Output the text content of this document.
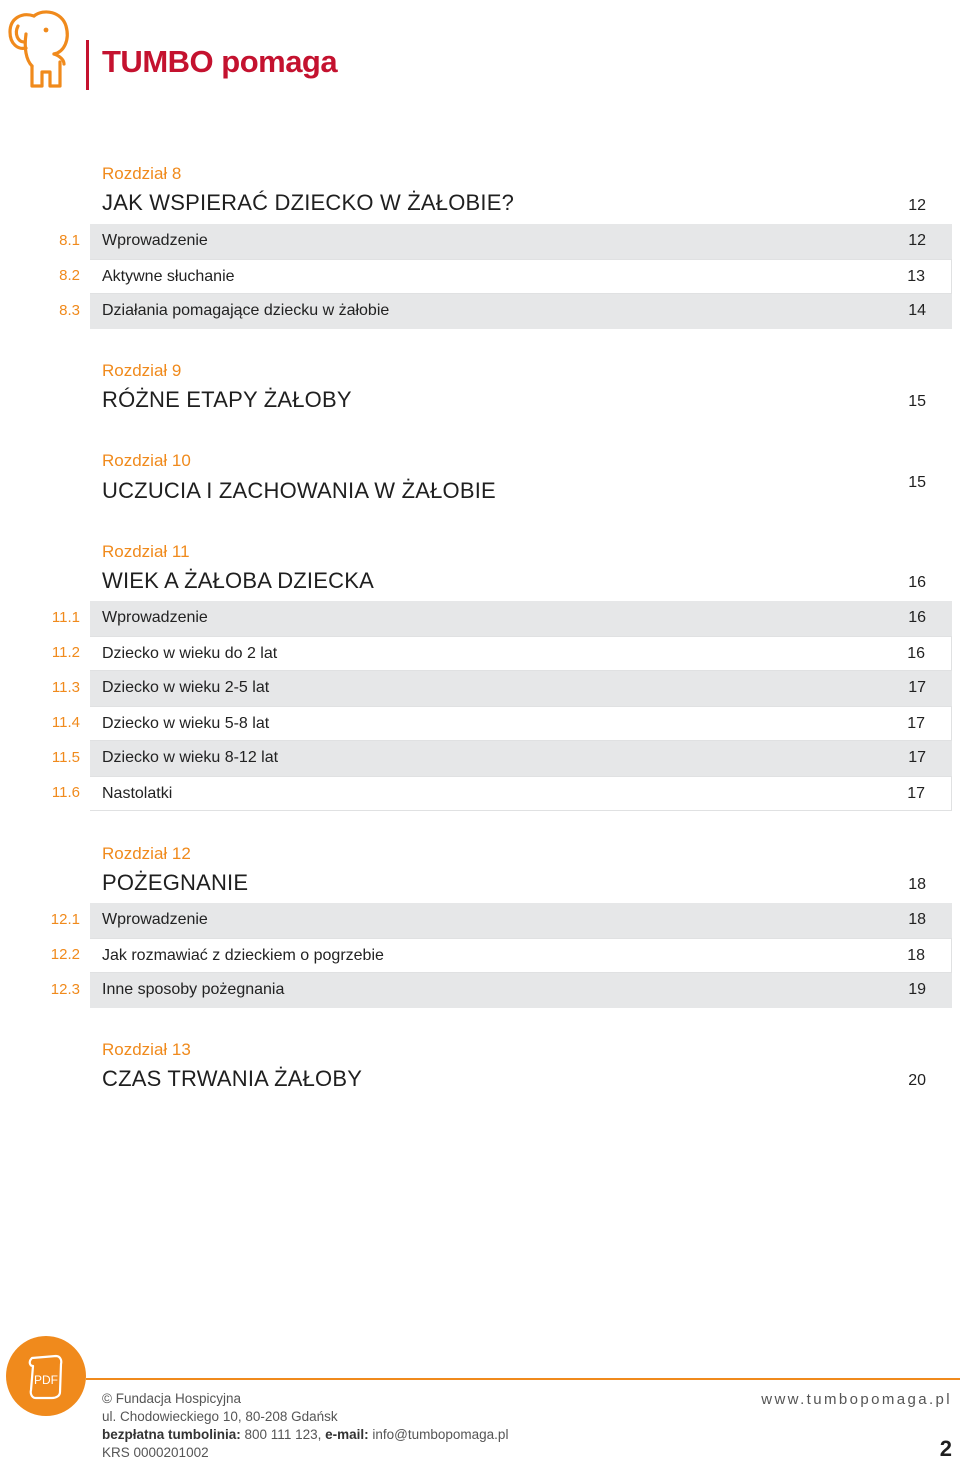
TUMBO pomaga
Rozdział 8
JAK WSPIERAĆ DZIECKO W ŻAŁOBIE?	12
8.1 Wprowadzenie	12
8.2 Aktywne słuchanie	13
8.3 Działania pomagające dziecku w żałobie	14
Rozdział 9
RÓŻNE ETAPY ŻAŁOBY	15
Rozdział 10
UCZUCIA I ZACHOWANIA W ŻAŁOBIE	15
Rozdział 11
WIEK A ŻAŁOBA DZIECKA	16
11.1 Wprowadzenie	16
11.2 Dziecko w wieku do 2 lat	16
11.3 Dziecko w wieku 2-5 lat	17
11.4 Dziecko w wieku 5-8 lat	17
11.5 Dziecko w wieku 8-12 lat	17
11.6 Nastolatki	17
Rozdział 12
POŻEGNANIE	18
12.1 Wprowadzenie	18
12.2 Jak rozmawiać z dzieckiem o pogrzebie	18
12.3 Inne sposoby pożegnania	19
Rozdział 13
CZAS TRWANIA ŻAŁOBY	20
PDF
© Fundacja Hospicyjna
ul. Chodowieckiego 10, 80-208 Gdańsk
bezpłatna tumbolinia: 800 111 123, e-mail: info@tumbopomaga.pl
KRS 0000201002
www.tumbopomaga.pl
2
